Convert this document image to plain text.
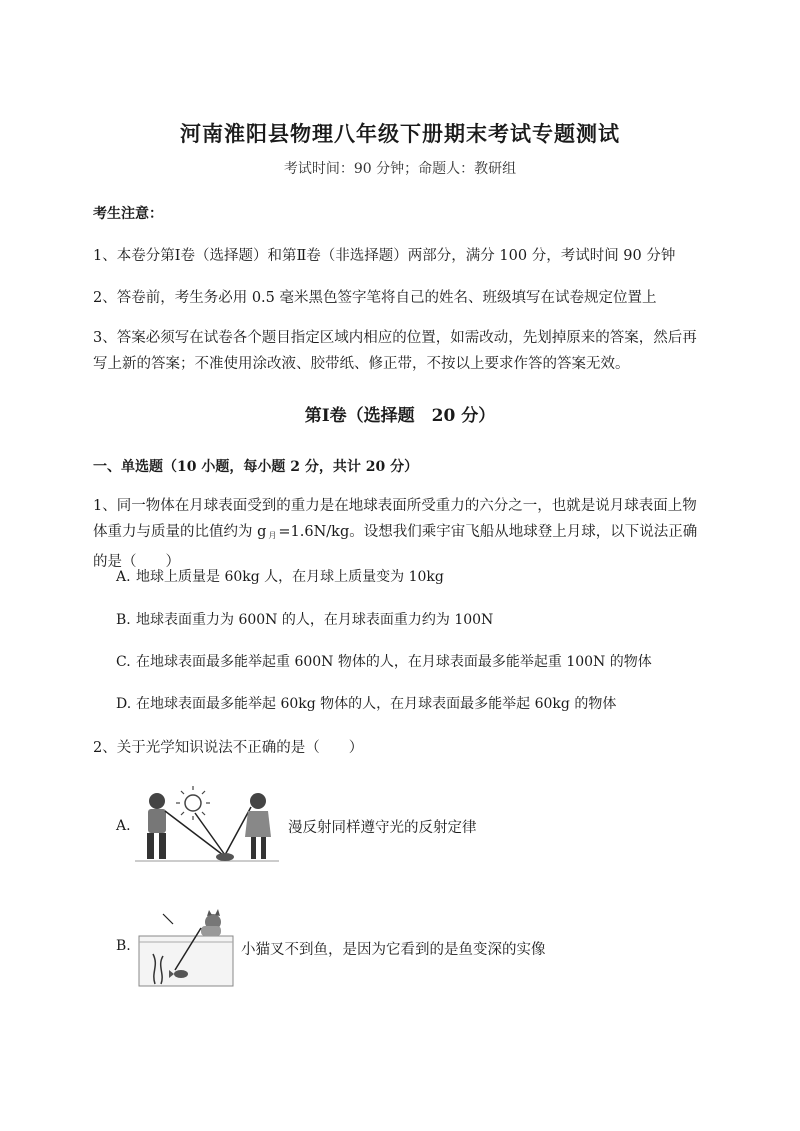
河南淮阳县物理八年级下册期末考试专题测试
考试时间：90 分钟；命题人：教研组
考生注意：
1、本卷分第Ⅰ卷（选择题）和第Ⅱ卷（非选择题）两部分，满分 100 分，考试时间 90 分钟
2、答卷前，考生务必用 0.5 毫米黑色签字笔将自己的姓名、班级填写在试卷规定位置上
3、答案必须写在试卷各个题目指定区域内相应的位置，如需改动，先划掉原来的答案，然后再写上新的答案；不准使用涂改液、胶带纸、修正带，不按以上要求作答的答案无效。
第Ⅰ卷（选择题　20 分）
一、单选题（10 小题，每小题 2 分，共计 20 分）
1、同一物体在月球表面受到的重力是在地球表面所受重力的六分之一，也就是说月球表面上物体重力与质量的比值约为 g $_月$ =1.6N/kg。设想我们乘宇宙飞船从地球登上月球，以下说法正确的是（　　）
A. 地球上质量是 60kg 人，在月球上质量变为 10kg
B. 地球表面重力为 600N 的人，在月球表面重力约为 100N
C. 在地球表面最多能举起重 600N 物体的人，在月球表面最多能举起重 100N 的物体
D. 在地球表面最多能举起 60kg 物体的人，在月球表面最多能举起 60kg 的物体
2、关于光学知识说法不正确的是（　　）
A.	漫反射同样遵守光的反射定律
B.	小猫叉不到鱼，是因为它看到的是鱼变深的实像
